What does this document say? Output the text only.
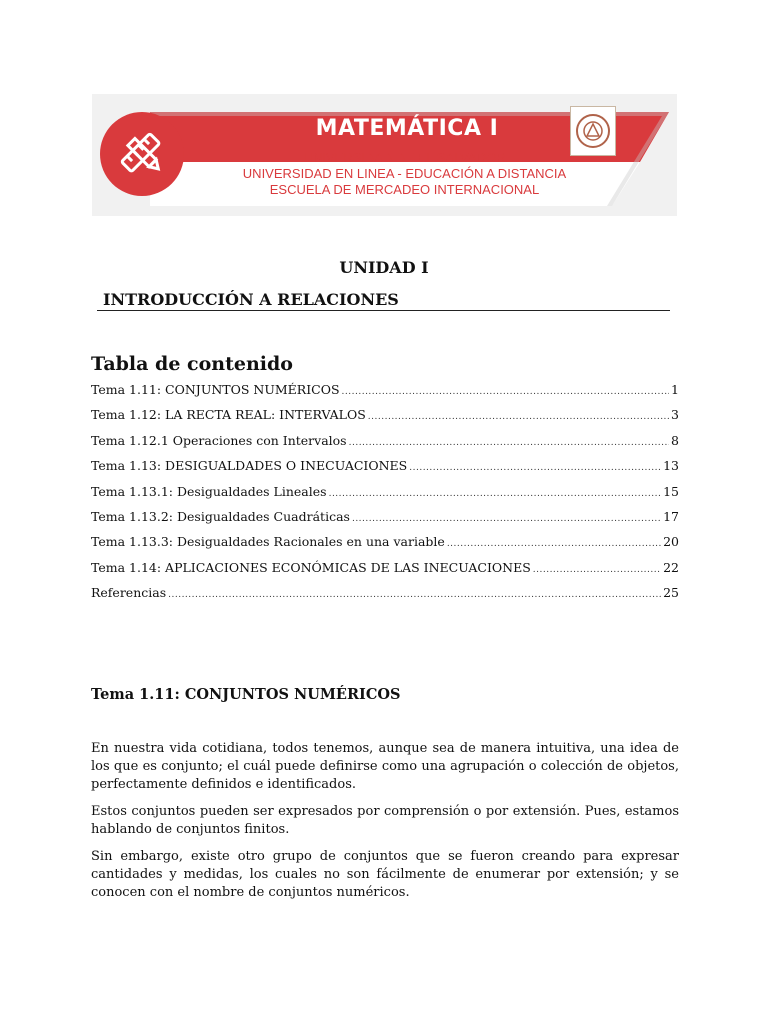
MATEMÁTICA I
UNIVERSIDAD DE EL SALVADOR
UNIVERSIDAD EN LINEA - EDUCACIÓN A DISTANCIA
ESCUELA DE MERCADEO INTERNACIONAL
UNIDAD I
INTRODUCCIÓN A RELACIONES
Tabla de contenido
Tema 1.11: CONJUNTOS NUMÉRICOS .....	1
Tema 1.12: LA RECTA REAL: INTERVALOS .....	3
Tema 1.12.1 Operaciones con Intervalos .....	8
Tema 1.13: DESIGUALDADES O INECUACIONES .....	13
Tema 1.13.1: Desigualdades Lineales .....	15
Tema 1.13.2: Desigualdades Cuadráticas .....	17
Tema 1.13.3: Desigualdades Racionales en una variable .....	20
Tema 1.14: APLICACIONES ECONÓMICAS DE LAS INECUACIONES .....	22
Referencias .....	25
Tema 1.11: CONJUNTOS NUMÉRICOS

En nuestra vida cotidiana, todos tenemos, aunque sea de manera intuitiva, una idea de los que es conjunto; el cuál puede definirse como una agrupación o colección de objetos, perfectamente definidos e identificados.

Estos conjuntos pueden ser expresados por comprensión o por extensión. Pues, estamos hablando de conjuntos finitos.

Sin embargo, existe otro grupo de conjuntos que se fueron creando para expresar cantidades y medidas, los cuales no son fácilmente de enumerar por extensión; y se conocen con el nombre de conjuntos numéricos.
